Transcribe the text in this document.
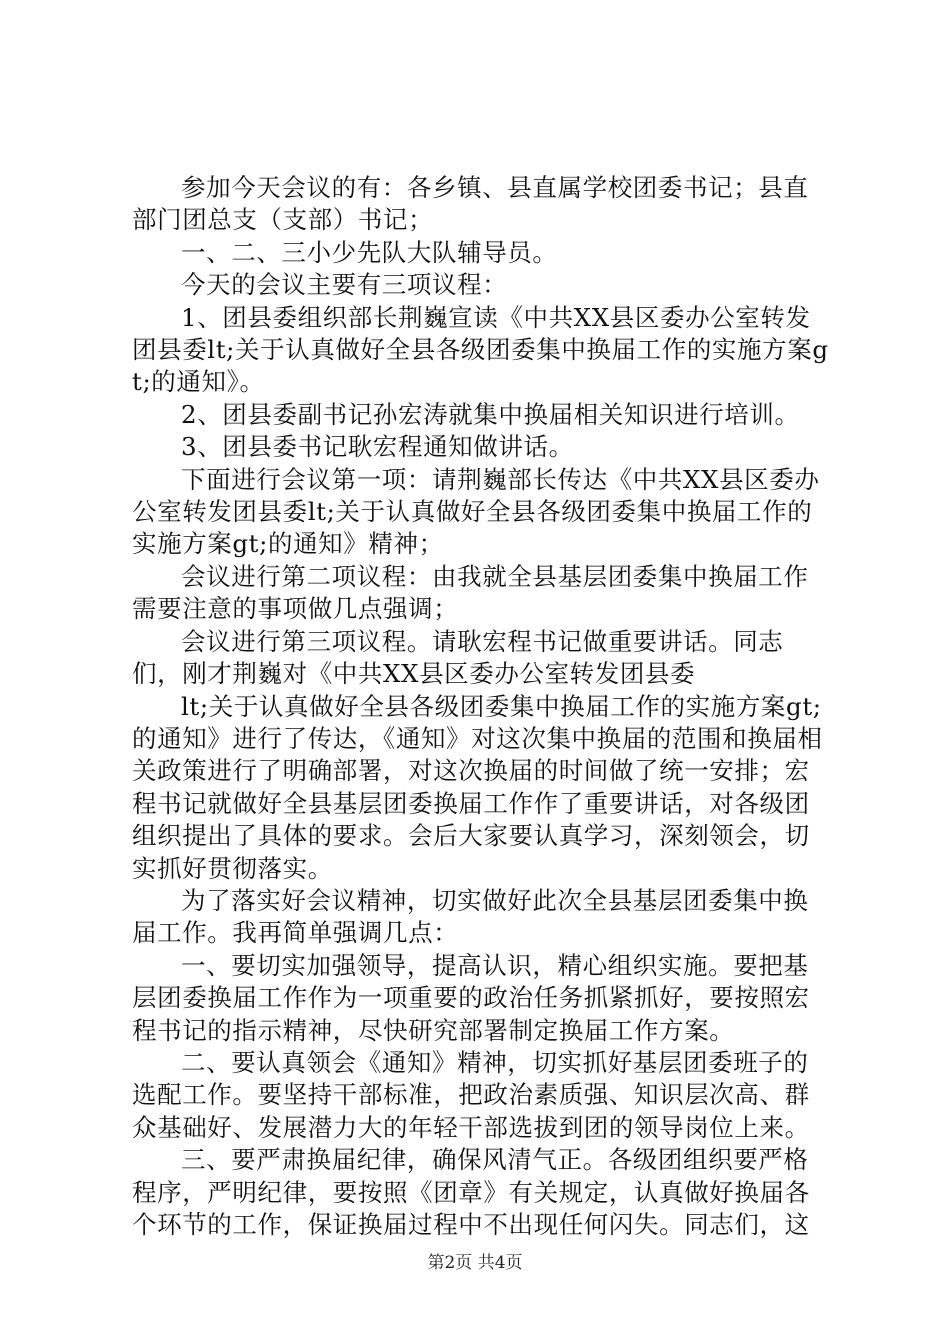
参加今天会议的有：各乡镇、县直属学校团委书记；县直部门团总支（支部）书记；

一、二、三小少先队大队辅导员。

今天的会议主要有三项议程：

1、团县委组织部长荆巍宣读《中共XX县区委办公室转发团县委lt;关于认真做好全县各级团委集中换届工作的实施方案gt;的通知》。

2、团县委副书记孙宏涛就集中换届相关知识进行培训。

3、团县委书记耿宏程通知做讲话。

下面进行会议第一项：请荆巍部长传达《中共XX县区委办公室转发团县委lt;关于认真做好全县各级团委集中换届工作的实施方案gt;的通知》精神；

会议进行第二项议程：由我就全县基层团委集中换届工作需要注意的事项做几点强调；

会议进行第三项议程。请耿宏程书记做重要讲话。同志们，刚才荆巍对《中共XX县区委办公室转发团县委

lt;关于认真做好全县各级团委集中换届工作的实施方案gt;的通知》进行了传达，《通知》对这次集中换届的范围和换届相关政策进行了明确部署，对这次换届的时间做了统一安排；宏程书记就做好全县基层团委换届工作作了重要讲话，对各级团组织提出了具体的要求。会后大家要认真学习，深刻领会，切实抓好贯彻落实。

为了落实好会议精神，切实做好此次全县基层团委集中换届工作。我再简单强调几点：

一、要切实加强领导，提高认识，精心组织实施。要把基层团委换届工作作为一项重要的政治任务抓紧抓好，要按照宏程书记的指示精神，尽快研究部署制定换届工作方案。

二、要认真领会《通知》精神，切实抓好基层团委班子的选配工作。要坚持干部标准，把政治素质强、知识层次高、群众基础好、发展潜力大的年轻干部选拔到团的领导岗位上来。

三、要严肃换届纪律，确保风清气正。各级团组织要严格程序，严明纪律，要按照《团章》有关规定，认真做好换届各个环节的工作，保证换届过程中不出现任何闪失。同志们，这

第2页 共4页
